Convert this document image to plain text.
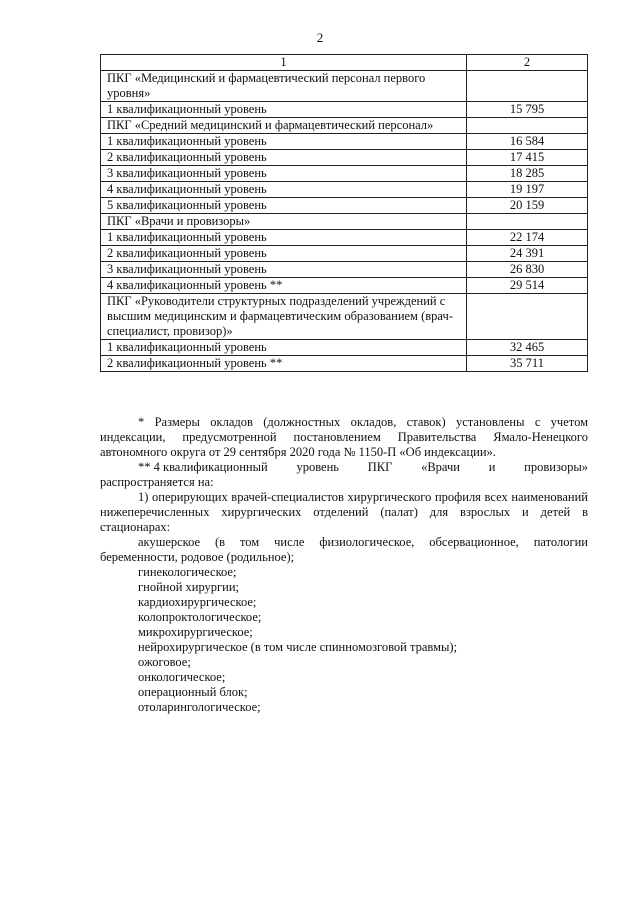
2
1	2
ПКГ «Медицинский и фармацевтический персонал первого уровня»	
1 квалификационный уровень	15 795
ПКГ «Средний медицинский и фармацевтический персонал»	
1 квалификационный уровень	16 584
2 квалификационный уровень	17 415
3 квалификационный уровень	18 285
4 квалификационный уровень	19 197
5 квалификационный уровень	20 159
ПКГ «Врачи и провизоры»	
1 квалификационный уровень	22 174
2 квалификационный уровень	24 391
3 квалификационный уровень	26 830
4 квалификационный уровень **	29 514
ПКГ «Руководители структурных подразделений учреждений с высшим медицинским и фармацевтическим образованием (врач-специалист, провизор)»	
1 квалификационный уровень	32 465
2 квалификационный уровень **	35 711

* Размеры окладов (должностных окладов, ставок) установлены с учетом индексации, предусмотренной постановлением Правительства Ямало-Ненецкого автономного округа от 29 сентября 2020 года № 1150-П «Об индексации».

** 4 квалификационный уровень ПКГ «Врачи и провизоры»

распространяется на:

1) оперирующих врачей-специалистов хирургического профиля всех наименований нижеперечисленных хирургических отделений (палат) для взрослых и детей в стационарах:

акушерское (в том числе физиологическое, обсервационное, патологии беременности, родовое (родильное);

гинекологическое;

гнойной хирургии;

кардиохирургическое;

колопроктологическое;

микрохирургическое;

нейрохирургическое (в том числе спинномозговой травмы);

ожоговое;

онкологическое;

операционный блок;

отоларингологическое;
